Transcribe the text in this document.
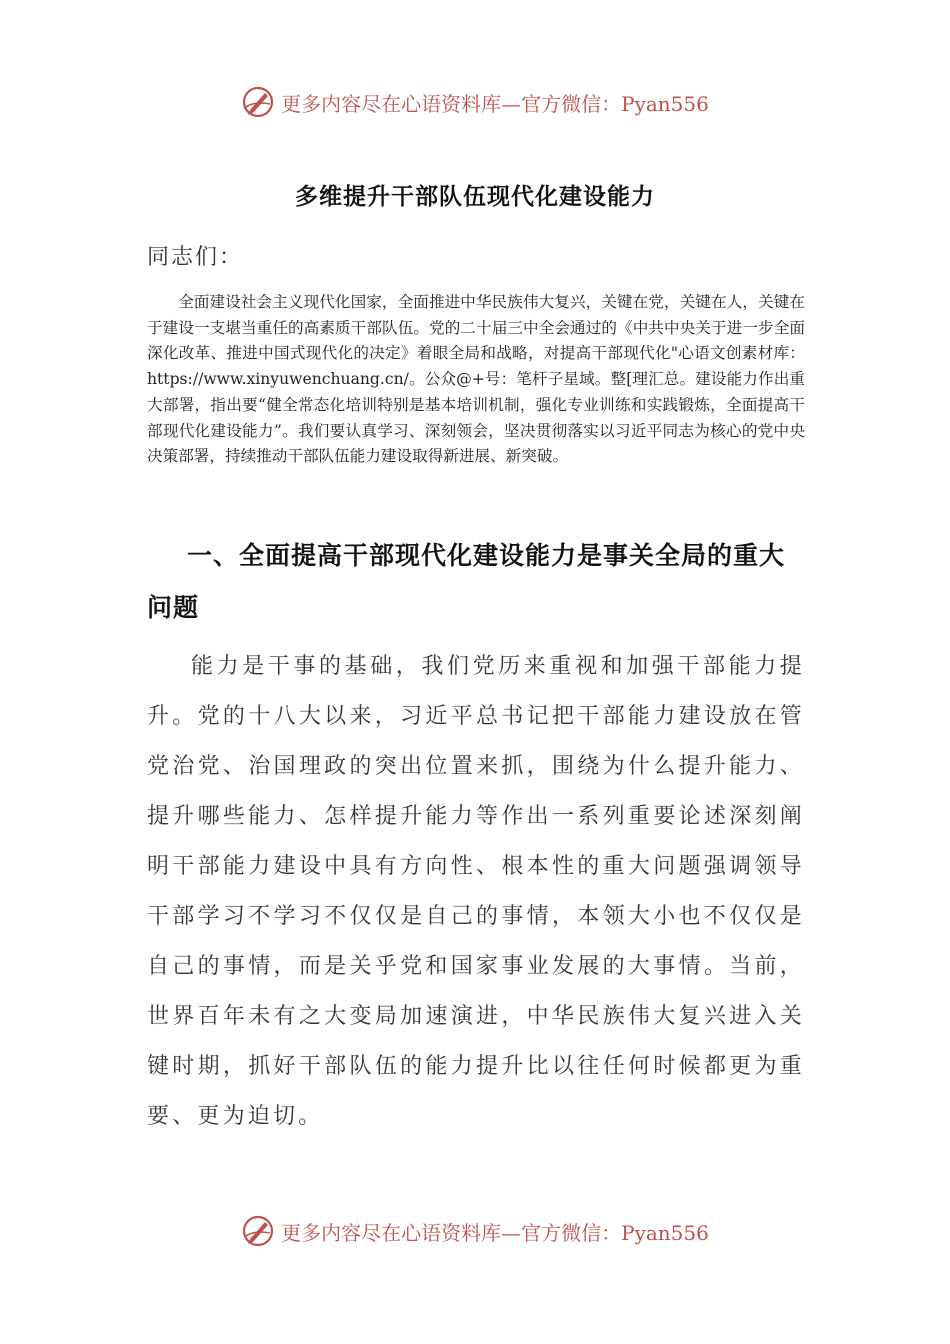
更多内容尽在心语资料库—官方微信：Pyan556
多维提升干部队伍现代化建设能力
同志们：

全面建设社会主义现代化国家，全面推进中华民族伟大复兴，关键在党，关键在人，关键在于建设一支堪当重任的高素质干部队伍。党的二十届三中全会通过的《中共中央关于进一步全面深化改革、推进中国式现代化的决定》着眼全局和战略，对提高干部现代化"心语文创素材库：https://www.xinyuwenchuang.cn/。公众@+号：笔杆子星域。整[理汇总。建设能力作出重大部署，指出要“健全常态化培训特别是基本培训机制，强化专业训练和实践锻炼，全面提高干部现代化建设能力”。我们要认真学习、深刻领会，坚决贯彻落实以习近平同志为核心的党中央决策部署，持续推动干部队伍能力建设取得新进展、新突破。

一、全面提高干部现代化建设能力是事关全局的重大问题

能力是干事的基础，我们党历来重视和加强干部能力提升。党的十八大以来，习近平总书记把干部能力建设放在管党治党、治国理政的突出位置来抓，围绕为什么提升能力、提升哪些能力、怎样提升能力等作出一系列重要论述深刻阐明干部能力建设中具有方向性、根本性的重大问题强调领导干部学习不学习不仅仅是自己的事情，本领大小也不仅仅是自己的事情，而是关乎党和国家事业发展的大事情。当前，世界百年未有之大变局加速演进，中华民族伟大复兴进入关键时期，抓好干部队伍的能力提升比以往任何时候都更为重要、更为迫切。

更多内容尽在心语资料库—官方微信：Pyan556
